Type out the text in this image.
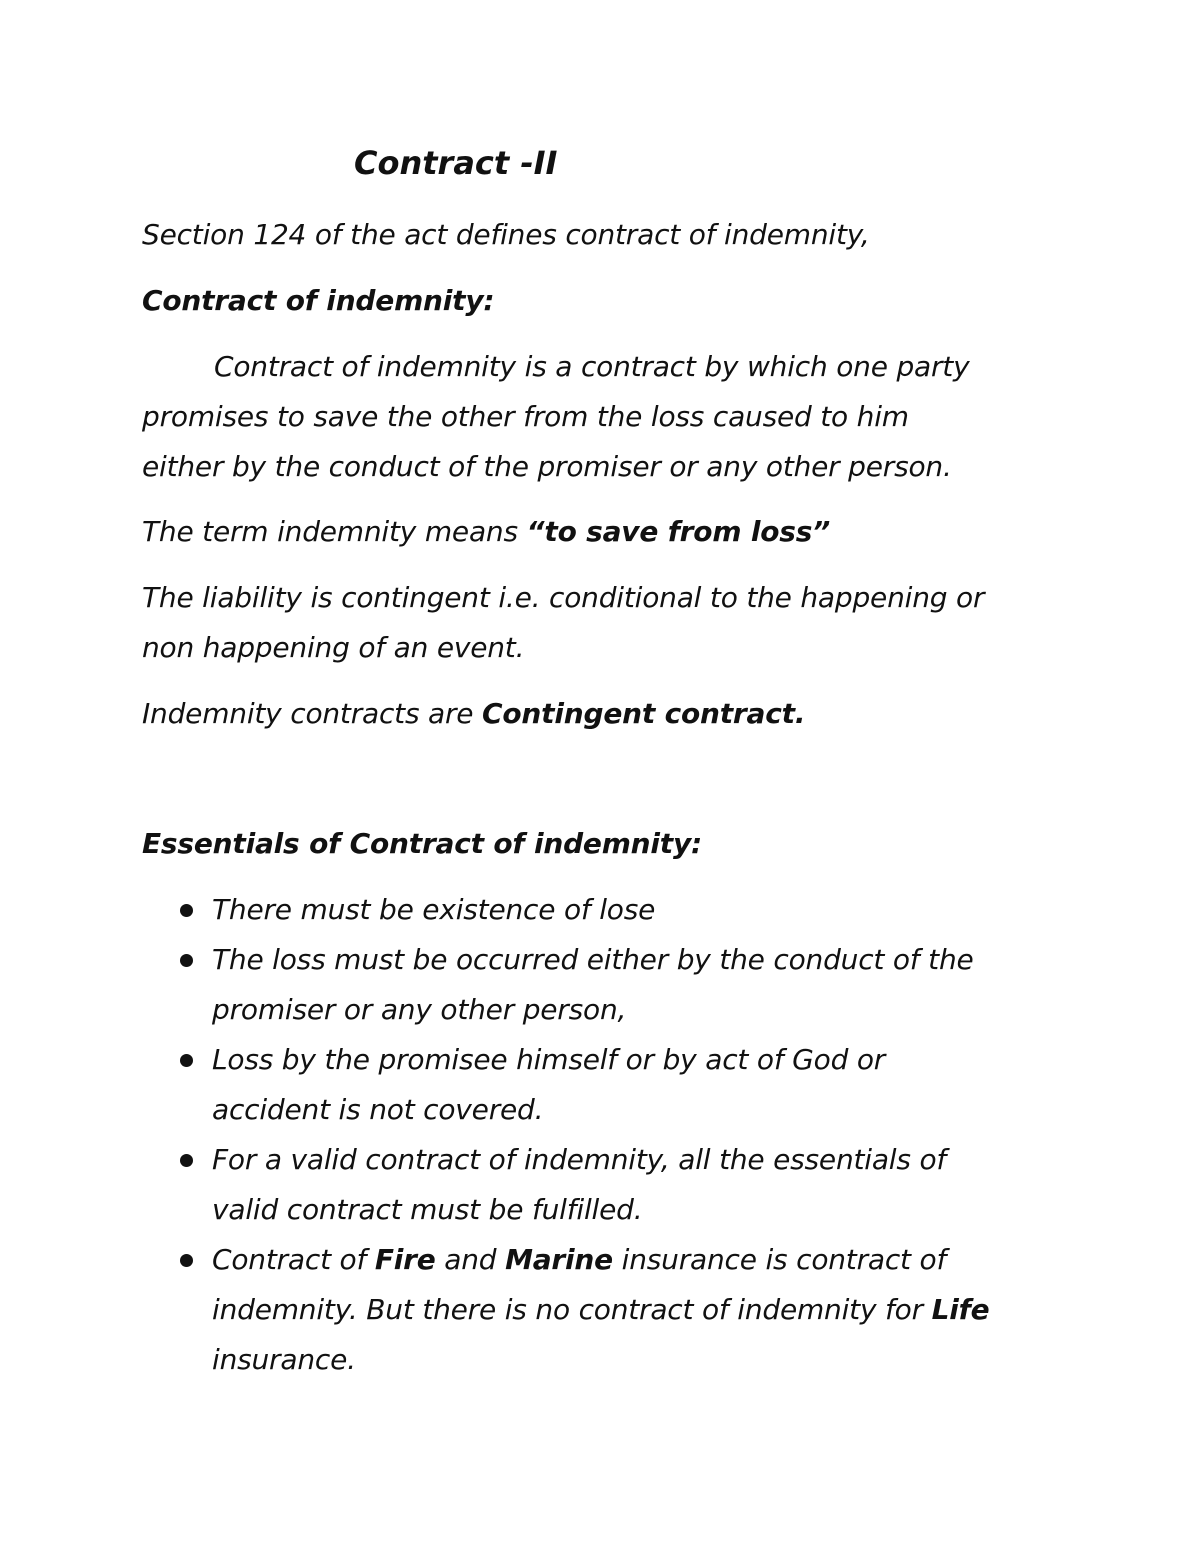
Contract -II
Section 124 of the act defines contract of indemnity,
Contract of indemnity:
Contract of indemnity is a contract by which one party
promises to save the other from the loss caused to him
either by the conduct of the promiser or any other person.
The term indemnity means “to save from loss”
The liability is contingent i.e. conditional to the happening or
non happening of an event.
Indemnity contracts are Contingent contract.
Essentials of Contract of indemnity:
There must be existence of lose
The loss must be occurred either by the conduct of the
promiser or any other person,
Loss by the promisee himself or by act of God or
accident is not covered.
For a valid contract of indemnity, all the essentials of
valid contract must be fulfilled.
Contract of Fire and Marine insurance is contract of
indemnity. But there is no contract of indemnity for Life
insurance.
